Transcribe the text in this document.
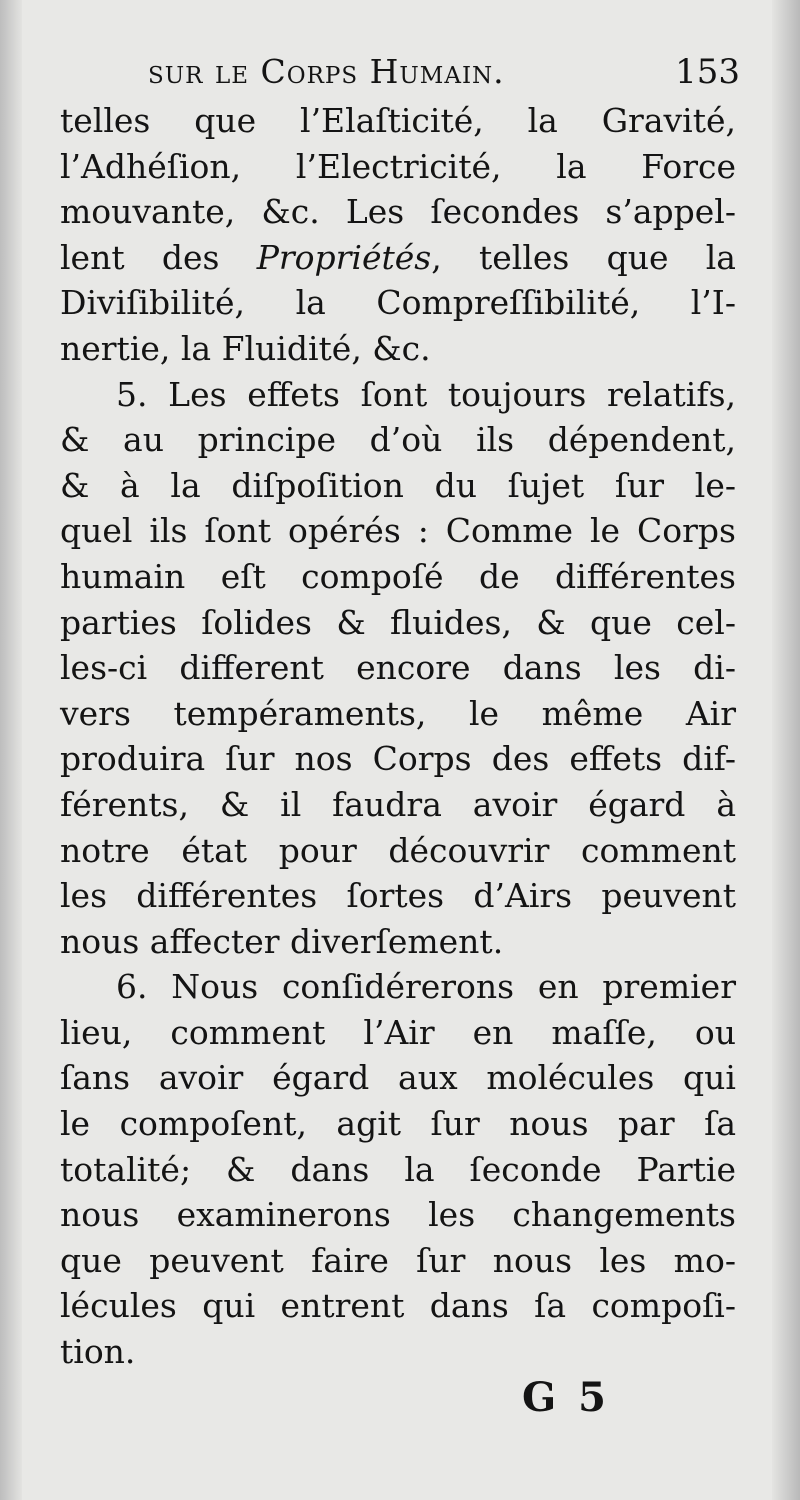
sur le Corps Humain.	153
telles que l’Elaſticité, la Gravité,
l’Adhéſion, l’Electricité, la Force
mouvante, &c. Les ſecondes s’appel-
lent des Propriétés, telles que la
Diviſibilité, la Compreſſibilité, l’I-
nertie, la Fluidité, &c.
5. Les effets ſont toujours relatifs,
& au principe d’où ils dépendent,
& à la diſpoſition du ſujet ſur le-
quel ils ſont opérés : Comme le Corps
humain eſt compoſé de différentes
parties ſolides & fluides, & que cel-
les-ci different encore dans les di-
vers tempéraments, le même Air
produira ſur nos Corps des effets dif-
férents, & il faudra avoir égard à
notre état pour découvrir comment
les différentes ſortes d’Airs peuvent
nous affecter diverſement.
6. Nous conſidérerons en premier
lieu, comment l’Air en maſſe, ou
ſans avoir égard aux molécules qui
le compoſent, agit ſur nous par ſa
totalité; & dans la ſeconde Partie
nous examinerons les changements
que peuvent faire ſur nous les mo-
lécules qui entrent dans ſa compoſi-
tion.
G 5
